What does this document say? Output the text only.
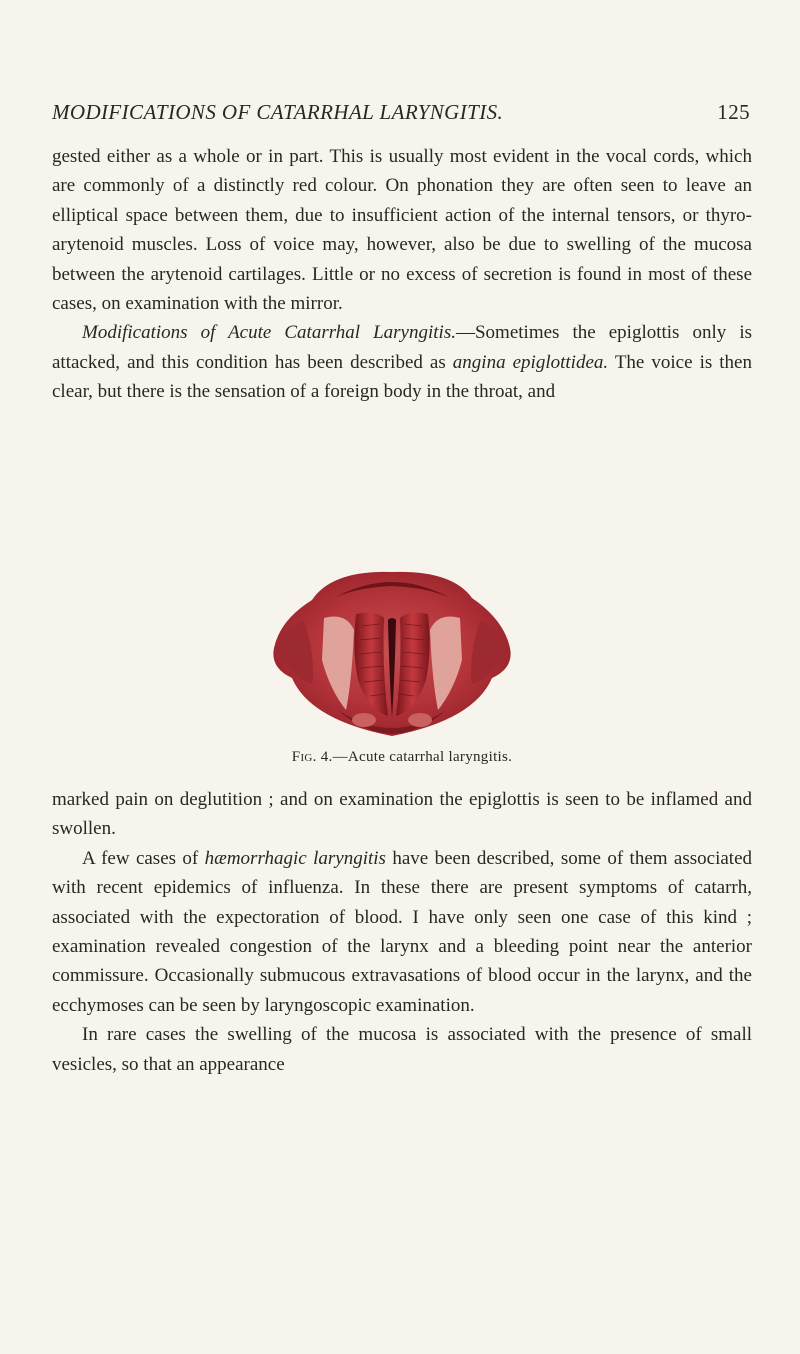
MODIFICATIONS OF CATARRHAL LARYNGITIS.	125

gested either as a whole or in part. This is usually most evident in the vocal cords, which are commonly of a distinctly red colour. On phonation they are often seen to leave an elliptical space between them, due to insufficient action of the internal tensors, or thyro-arytenoid muscles. Loss of voice may, however, also be due to swelling of the mucosa between the arytenoid cartilages. Little or no excess of secretion is found in most of these cases, on examination with the mirror.

Modifications of Acute Catarrhal Laryngitis.—Sometimes the epiglottis only is attacked, and this condition has been described as angina epiglottidea. The voice is then clear, but there is the sensation of a foreign body in the throat, and

Fig. 4.—Acute catarrhal laryngitis.

marked pain on deglutition ; and on examination the epiglottis is seen to be inflamed and swollen.

A few cases of hæmorrhagic laryngitis have been described, some of them associated with recent epidemics of influenza. In these there are present symptoms of catarrh, associated with the expectoration of blood. I have only seen one case of this kind ; examination revealed congestion of the larynx and a bleeding point near the anterior commissure. Occasionally submucous extravasations of blood occur in the larynx, and the ecchymoses can be seen by laryngoscopic examination.

In rare cases the swelling of the mucosa is associated with the presence of small vesicles, so that an appearance
